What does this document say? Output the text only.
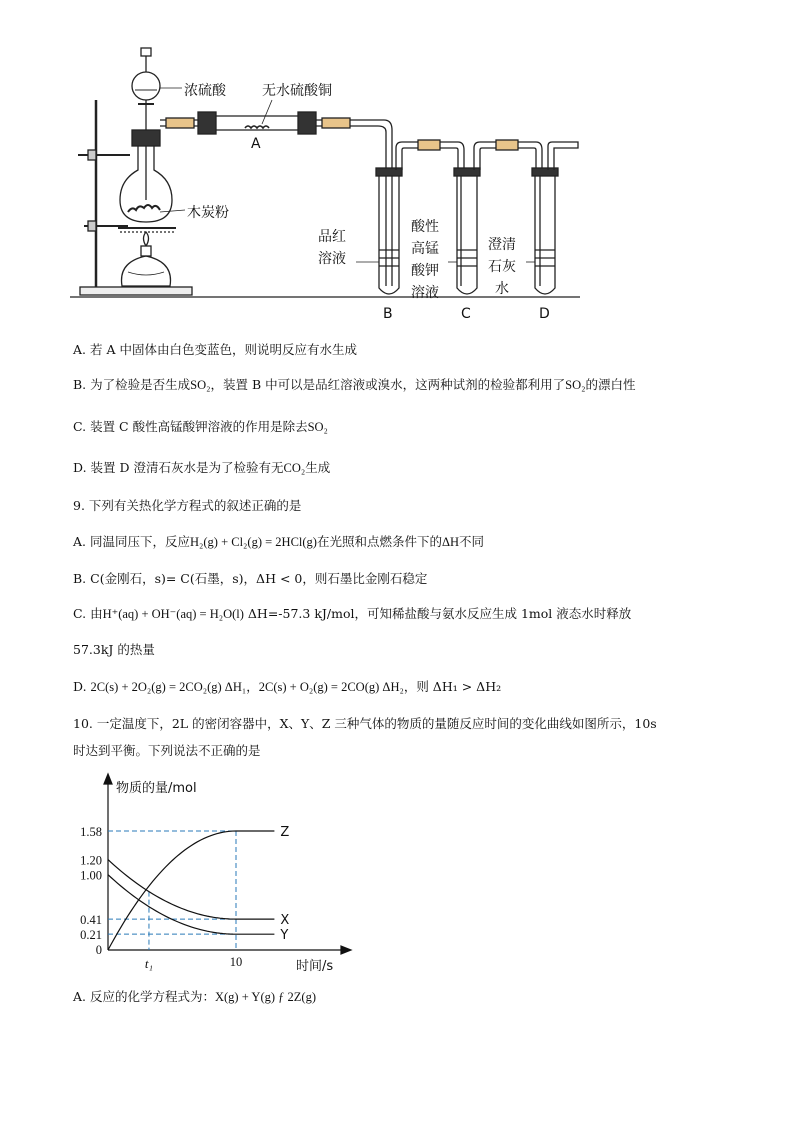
浓硫酸	无水硫酸铜
A
木炭粉
品红
溶液
酸性
高锰
酸钾
溶液
澄清
石灰
水
B	C	D
A. 若 A 中固体由白色变蓝色，则说明反应有水生成
B. 为了检验是否生成SO₂，装置 B 中可以是品红溶液或溴水，这两种试剂的检验都利用了SO₂的漂白性
C. 装置 C 酸性高锰酸钾溶液的作用是除去SO₂
D. 装置 D 澄清石灰水是为了检验有无CO₂生成
9. 下列有关热化学方程式的叙述正确的是
A. 同温同压下，反应H₂(g) + Cl₂(g) = 2HCl(g)在光照和点燃条件下的ΔH不同
B. C(金刚石，s)= C(石墨，s)，ΔH < 0，则石墨比金刚石稳定
C. 由H⁺(aq) + OH⁻(aq) = H₂O(l) ΔH=-57.3 kJ/mol，可知稀盐酸与氨水反应生成 1mol 液态水时释放
57.3kJ 的热量
D. 2C(s) + 2O₂(g) = 2CO₂(g) ΔH₁，2C(s) + O₂(g) = 2CO(g) ΔH₂，则 ΔH₁ > ΔH₂
10. 一定温度下，2L 的密闭容器中，X、Y、Z 三种气体的物质的量随反应时间的变化曲线如图所示，10s
时达到平衡。下列说法不正确的是
Z
X
Y
1.58
1.20
1.00
0.41
0.21
0
t₁	10
物质的量/mol
时间/s
A. 反应的化学方程式为：X(g) + Y(g) ƒ 2Z(g)
